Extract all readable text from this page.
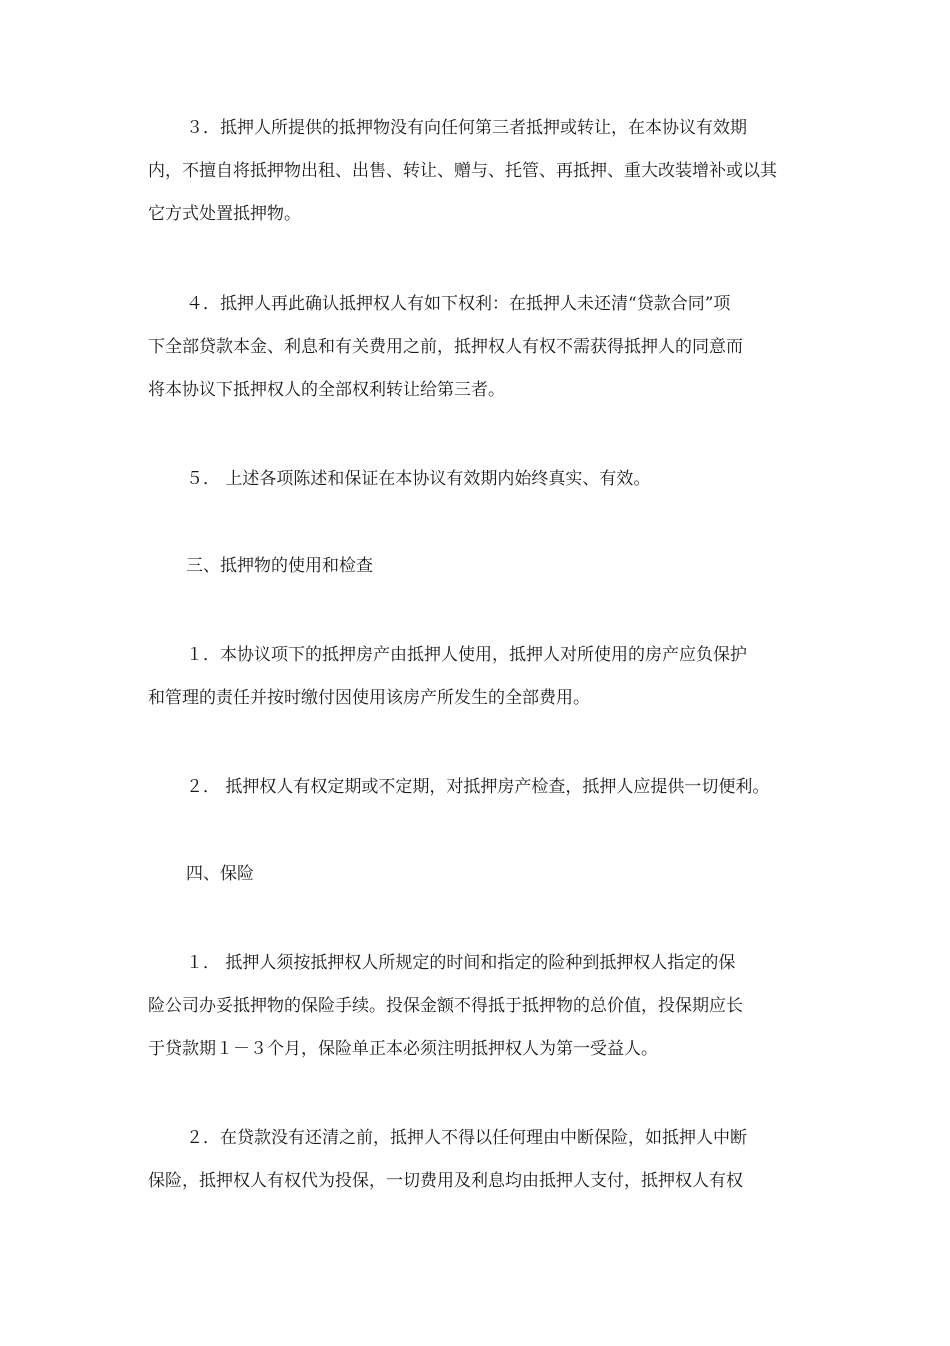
３．抵押人所提供的抵押物没有向任何第三者抵押或转让，在本协议有效期
内，不擅自将抵押物出租、出售、转让、赠与、托管、再抵押、重大改装增补或以其
它方式处置抵押物。
４．抵押人再此确认抵押权人有如下权利：在抵押人未还清“贷款合同”项
下全部贷款本金、利息和有关费用之前，抵押权人有权不需获得抵押人的同意而
将本协议下抵押权人的全部权利转让给第三者。
５． 上述各项陈述和保证在本协议有效期内始终真实、有效。
三、抵押物的使用和检查
１．本协议项下的抵押房产由抵押人使用，抵押人对所使用的房产应负保护
和管理的责任并按时缴付因使用该房产所发生的全部费用。
２． 抵押权人有权定期或不定期，对抵押房产检查，抵押人应提供一切便利。
四、保险
１． 抵押人须按抵押权人所规定的时间和指定的险种到抵押权人指定的保
险公司办妥抵押物的保险手续。投保金额不得抵于抵押物的总价值，投保期应长
于贷款期１－３个月，保险单正本必须注明抵押权人为第一受益人。
２．在贷款没有还清之前，抵押人不得以任何理由中断保险，如抵押人中断
保险，抵押权人有权代为投保，一切费用及利息均由抵押人支付，抵押权人有权
